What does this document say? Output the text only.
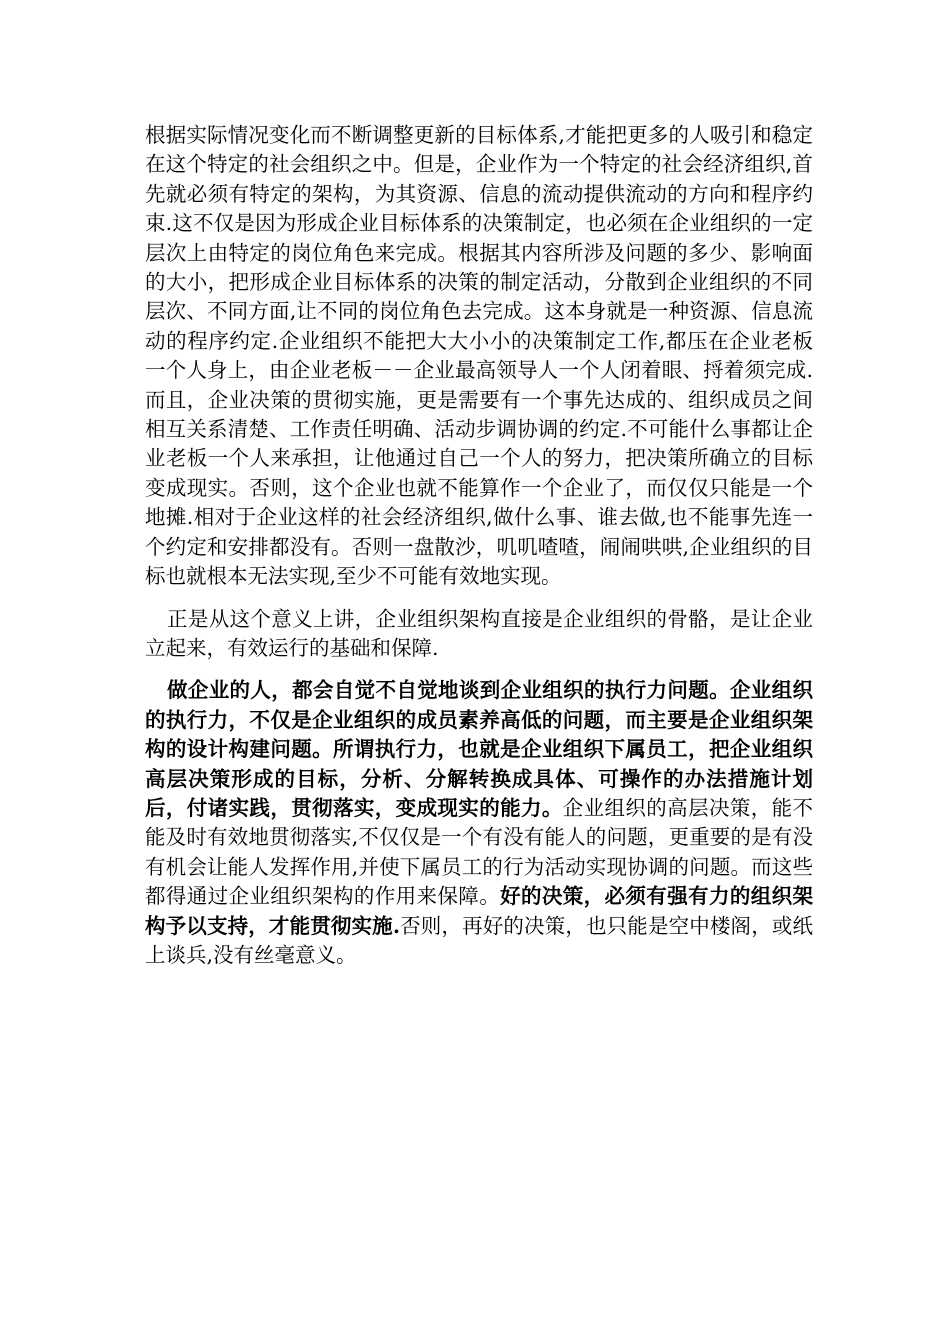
根据实际情况变化而不断调整更新的目标体系,才能把更多的人吸引和稳定在这个特定的社会组织之中。但是，企业作为一个特定的社会经济组织,首先就必须有特定的架构，为其资源、信息的流动提供流动的方向和程序约束.这不仅是因为形成企业目标体系的决策制定，也必须在企业组织的一定层次上由特定的岗位角色来完成。根据其内容所涉及问题的多少、影响面的大小，把形成企业目标体系的决策的制定活动，分散到企业组织的不同层次、不同方面,让不同的岗位角色去完成。这本身就是一种资源、信息流动的程序约定.企业组织不能把大大小小的决策制定工作,都压在企业老板一个人身上，由企业老板－－企业最高领导人一个人闭着眼、捋着须完成.而且，企业决策的贯彻实施，更是需要有一个事先达成的、组织成员之间相互关系清楚、工作责任明确、活动步调协调的约定.不可能什么事都让企业老板一个人来承担，让他通过自己一个人的努力，把决策所确立的目标变成现实。否则，这个企业也就不能算作一个企业了，而仅仅只能是一个地摊.相对于企业这样的社会经济组织,做什么事、谁去做,也不能事先连一个约定和安排都没有。否则一盘散沙，叽叽喳喳，闹闹哄哄,企业组织的目标也就根本无法实现,至少不可能有效地实现。

正是从这个意义上讲，企业组织架构直接是企业组织的骨骼，是让企业立起来，有效运行的基础和保障.

做企业的人，都会自觉不自觉地谈到企业组织的执行力问题。企业组织的执行力，不仅是企业组织的成员素养高低的问题，而主要是企业组织架构的设计构建问题。所谓执行力，也就是企业组织下属员工，把企业组织高层决策形成的目标，分析、分解转换成具体、可操作的办法措施计划后，付诸实践，贯彻落实，变成现实的能力。企业组织的高层决策，能不能及时有效地贯彻落实,不仅仅是一个有没有能人的问题，更重要的是有没有机会让能人发挥作用,并使下属员工的行为活动实现协调的问题。而这些都得通过企业组织架构的作用来保障。好的决策，必须有强有力的组织架构予以支持，才能贯彻实施.否则，再好的决策，也只能是空中楼阁，或纸上谈兵,没有丝毫意义。
